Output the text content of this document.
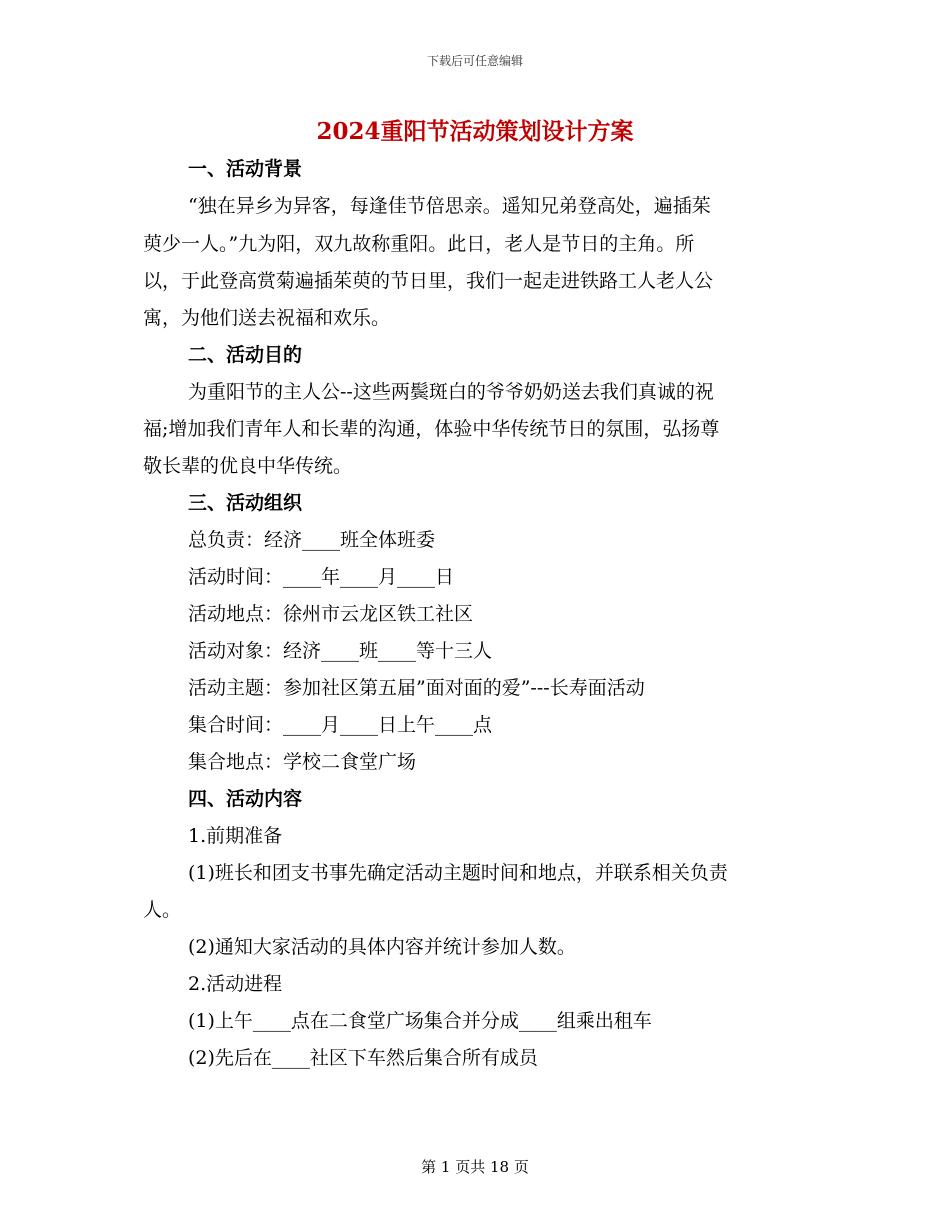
下载后可任意编辑
2024重阳节活动策划设计方案
一、活动背景
“独在异乡为异客，每逢佳节倍思亲。遥知兄弟登高处，遍插茱
萸少一人。”九为阳，双九故称重阳。此日，老人是节日的主角。所
以，于此登高赏菊遍插茱萸的节日里，我们一起走进铁路工人老人公
寓，为他们送去祝福和欢乐。
二、活动目的
为重阳节的主人公--这些两鬓斑白的爷爷奶奶送去我们真诚的祝
福;增加我们青年人和长辈的沟通，体验中华传统节日的氛围，弘扬尊
敬长辈的优良中华传统。
三、活动组织
总负责：经济____班全体班委
活动时间：____年____月____日
活动地点：徐州市云龙区铁工社区
活动对象：经济____班____等十三人
活动主题：参加社区第五届”面对面的爱”---长寿面活动
集合时间：____月____日上午____点
集合地点：学校二食堂广场
四、活动内容
1.前期准备
(1)班长和团支书事先确定活动主题时间和地点，并联系相关负责
人。
(2)通知大家活动的具体内容并统计参加人数。
2.活动进程
(1)上午____点在二食堂广场集合并分成____组乘出租车
(2)先后在____社区下车然后集合所有成员
第 1 页共 18 页
